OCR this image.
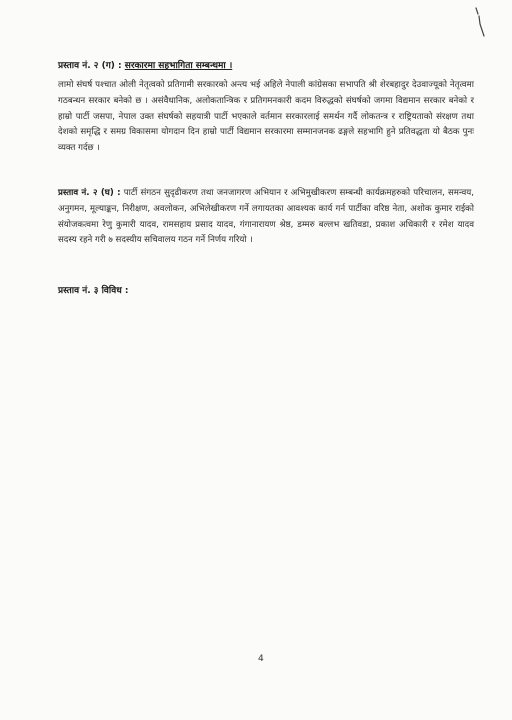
प्रस्ताव नं. २ (ग) : सरकारमा सहभागिता सम्बन्धमा ।

लामो संघर्ष पश्चात ओली नेतृत्वको प्रतिगामी सरकारको अन्त्य भई अहिले नेपाली कांग्रेसका सभापति श्री शेरबहादुर देउवाज्यूको नेतृत्वमा गठबन्धन सरकार बनेको छ । असंवैधानिक, अलोकतान्त्रिक र प्रतिगमनकारी कदम विरुद्धको संघर्षको जगमा विद्यमान सरकार बनेको र हाम्रो पार्टी जसपा, नेपाल उक्त संघर्षको सहयात्री पार्टी भएकाले वर्तमान सरकारलाई समर्थन गर्दै लोकतन्त्र र राष्ट्रियताको संरक्षण तथा देशको समृद्धि र समग्र विकासमा योगदान दिन हाम्रो पार्टी विद्यमान सरकारमा सम्मानजनक ढङ्गले सहभागि हुने प्रतिवद्धता यो बैठक पुनः व्यक्त गर्दछ ।

प्रस्ताव नं. २ (घ) : पार्टी संगठन सुदृढीकरण तथा जनजागरण अभियान र अभिमुखीकरण सम्बन्धी कार्यक्रमहरुको परिचालन, समन्वय, अनुगमन, मूल्याङ्कन, निरीक्षण, अवलोकन, अभिलेखीकरण गर्ने लगायतका आवश्यक कार्य गर्न पार्टीका वरिष्ठ नेता, अशोक कुमार राईको संयोजकत्वमा रेणु कुमारी यादव, रामसहाय प्रसाद यादव, गंगानारायण श्रेष्ठ, डम्मरु बल्लभ खतिवडा, प्रकाश अधिकारी र रमेश यादव सदस्य रहने गरी ७ सदस्यीय सचिवालय गठन गर्ने निर्णय गरियो ।

प्रस्ताव नं. ३ विविध :
4
